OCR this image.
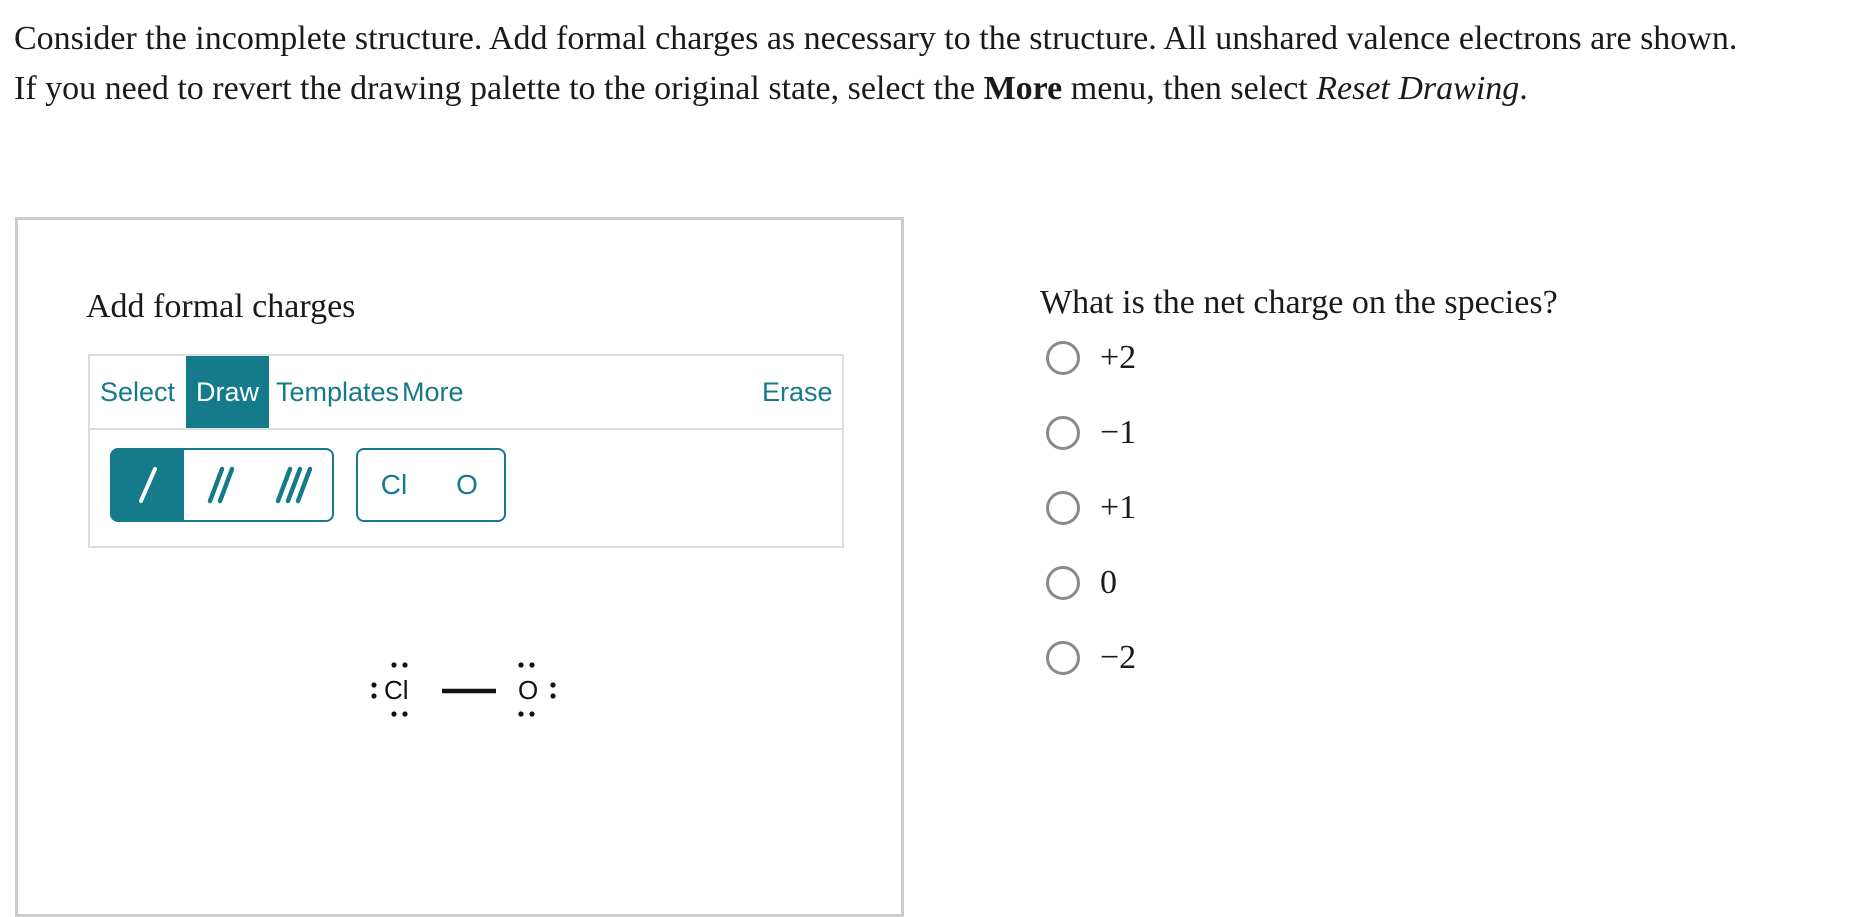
Consider the incomplete structure. Add formal charges as necessary to the structure. All unshared valence electrons are shown.

If you need to revert the drawing palette to the original state, select the More menu, then select Reset Drawing.

Add formal charges
Select Draw Templates More	Erase
Cl O
Cl	O
What is the net charge on the species?
+2
−1
+1
0
−2
